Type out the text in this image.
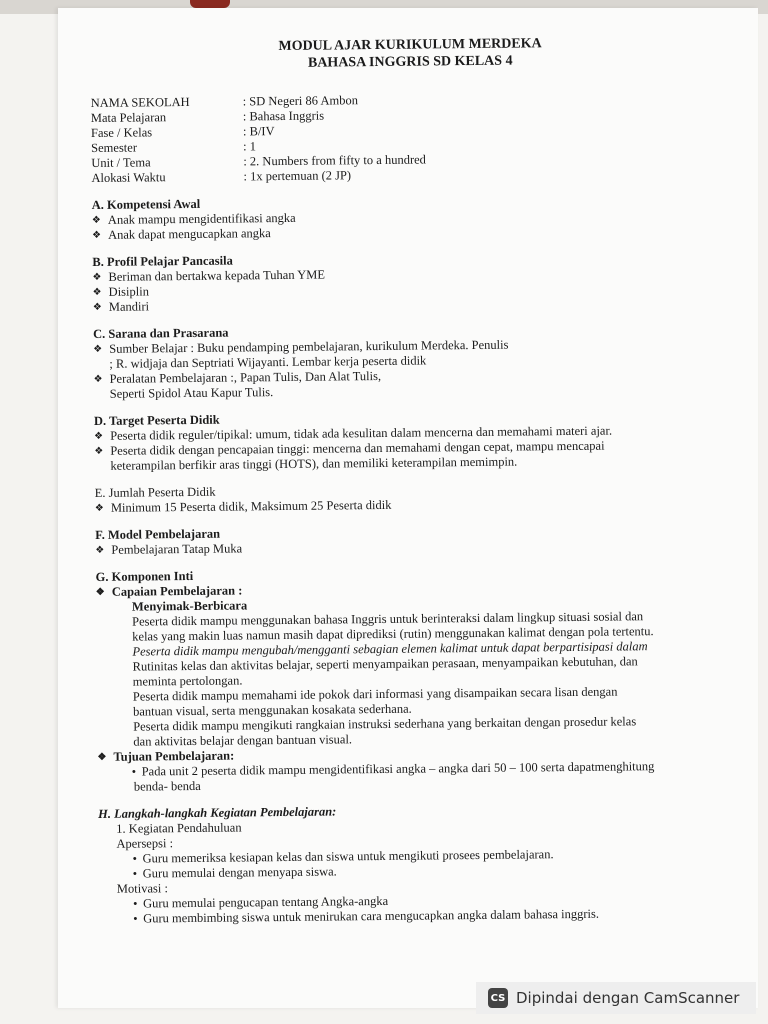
MODUL AJAR KURIKULUM MERDEKA
BAHASA INGGRIS SD KELAS 4
NAMA SEKOLAH	: SD Negeri 86 Ambon
Mata Pelajaran	: Bahasa Inggris
Fase / Kelas	: B/IV
Semester	: 1
Unit / Tema	: 2. Numbers from fifty to a hundred
Alokasi Waktu	: 1x pertemuan (2 JP)
A. Kompetensi Awal
❖ Anak mampu mengidentifikasi angka
❖ Anak dapat mengucapkan angka
B. Profil Pelajar Pancasila
❖ Beriman dan bertakwa kepada Tuhan YME
❖ Disiplin
❖ Mandiri
C. Sarana dan Prasarana
❖ Sumber Belajar : Buku pendamping pembelajaran, kurikulum Merdeka. Penulis
; R. widjaja dan Septriati Wijayanti. Lembar kerja peserta didik
❖ Peralatan Pembelajaran :, Papan Tulis, Dan Alat Tulis,
Seperti Spidol Atau Kapur Tulis.
D. Target Peserta Didik
❖ Peserta didik reguler/tipikal: umum, tidak ada kesulitan dalam mencerna dan memahami materi ajar.
❖ Peserta didik dengan pencapaian tinggi: mencerna dan memahami dengan cepat, mampu mencapai
keterampilan berfikir aras tinggi (HOTS), dan memiliki keterampilan memimpin.
E. Jumlah Peserta Didik
❖ Minimum 15 Peserta didik, Maksimum 25 Peserta didik
F. Model Pembelajaran
❖ Pembelajaran Tatap Muka
G. Komponen Inti
❖ Capaian Pembelajaran :
Menyimak-Berbicara
Peserta didik mampu menggunakan bahasa Inggris untuk berinteraksi dalam lingkup situasi sosial dan
kelas yang makin luas namun masih dapat diprediksi (rutin) menggunakan kalimat dengan pola tertentu.
Peserta didik mampu mengubah/mengganti sebagian elemen kalimat untuk dapat berpartisipasi dalam
Rutinitas kelas dan aktivitas belajar, seperti menyampaikan perasaan, menyampaikan kebutuhan, dan
meminta pertolongan.
Peserta didik mampu memahami ide pokok dari informasi yang disampaikan secara lisan dengan
bantuan visual, serta menggunakan kosakata sederhana.
Peserta didik mampu mengikuti rangkaian instruksi sederhana yang berkaitan dengan prosedur kelas
dan aktivitas belajar dengan bantuan visual.
❖ Tujuan Pembelajaran:
• Pada unit 2 peserta didik mampu mengidentifikasi angka – angka dari 50 – 100 serta dapatmenghitung
benda- benda
H. Langkah-langkah Kegiatan Pembelajaran:
1. Kegiatan Pendahuluan
Apersepsi :
• Guru memeriksa kesiapan kelas dan siswa untuk mengikuti prosees pembelajaran.
• Guru memulai dengan menyapa siswa.
Motivasi :
• Guru memulai pengucapan tentang Angka-angka
• Guru membimbing siswa untuk menirukan cara mengucapkan angka dalam bahasa inggris.
CS Dipindai dengan CamScanner
